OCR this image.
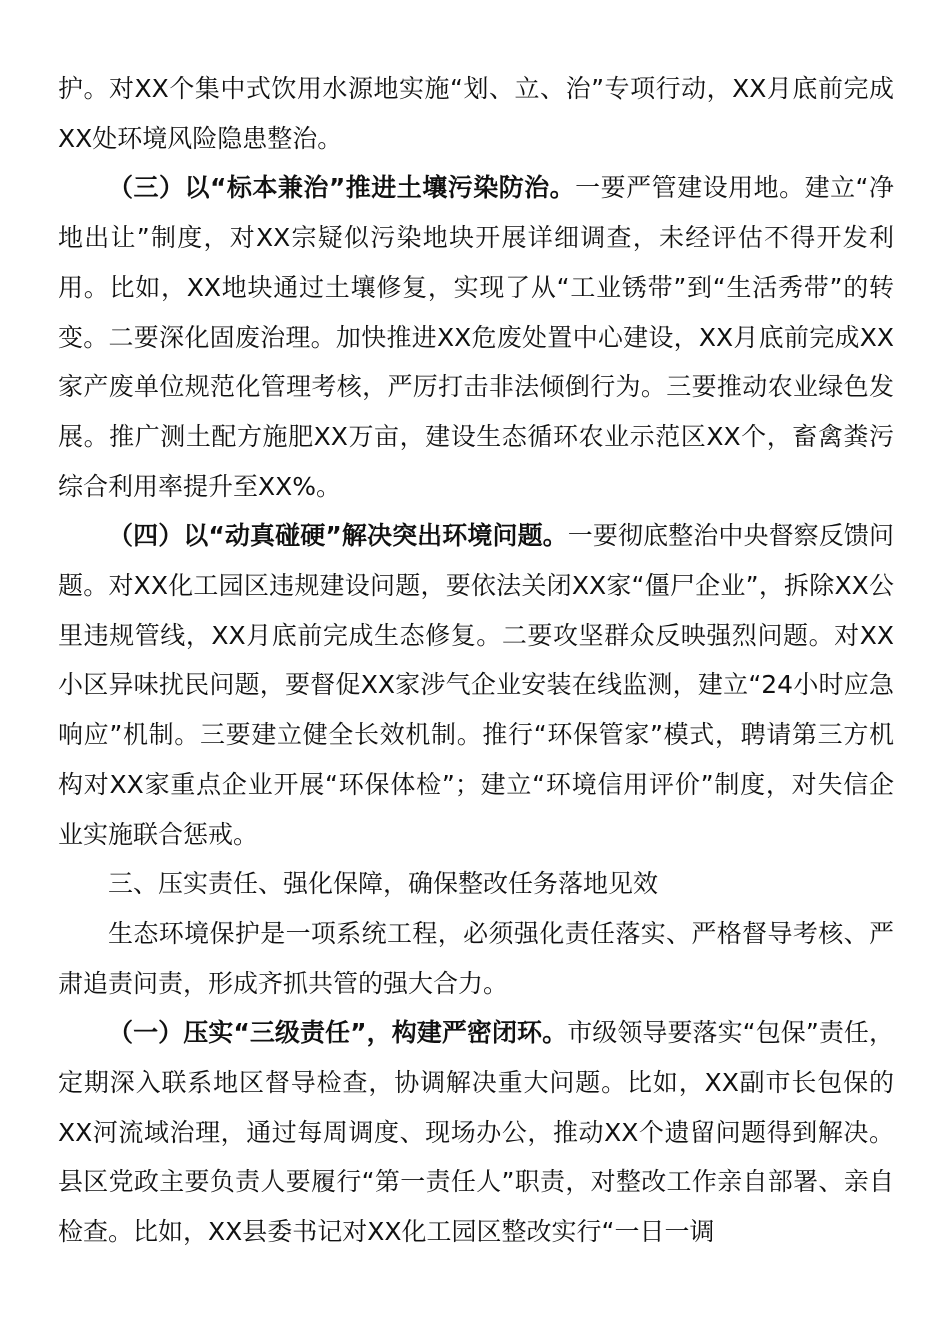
护。对XX个集中式饮用水源地实施“划、立、治”专项行动，XX月底前完成XX处环境风险隐患整治。

（三）以“标本兼治”推进土壤污染防治。一要严管建设用地。建立“净地出让”制度，对XX宗疑似污染地块开展详细调查，未经评估不得开发利用。比如，XX地块通过土壤修复，实现了从“工业锈带”到“生活秀带”的转变。二要深化固废治理。加快推进XX危废处置中心建设，XX月底前完成XX家产废单位规范化管理考核，严厉打击非法倾倒行为。三要推动农业绿色发展。推广测土配方施肥XX万亩，建设生态循环农业示范区XX个，畜禽粪污综合利用率提升至XX%。

（四）以“动真碰硬”解决突出环境问题。一要彻底整治中央督察反馈问题。对XX化工园区违规建设问题，要依法关闭XX家“僵尸企业”，拆除XX公里违规管线，XX月底前完成生态修复。二要攻坚群众反映强烈问题。对XX小区异味扰民问题，要督促XX家涉气企业安装在线监测，建立“24小时应急响应”机制。三要建立健全长效机制。推行“环保管家”模式，聘请第三方机构对XX家重点企业开展“环保体检”；建立“环境信用评价”制度，对失信企业实施联合惩戒。

三、压实责任、强化保障，确保整改任务落地见效

生态环境保护是一项系统工程，必须强化责任落实、严格督导考核、严肃追责问责，形成齐抓共管的强大合力。

（一）压实“三级责任”，构建严密闭环。市级领导要落实“包保”责任，定期深入联系地区督导检查，协调解决重大问题。比如，XX副市长包保的XX河流域治理，通过每周调度、现场办公，推动XX个遗留问题得到解决。县区党政主要负责人要履行“第一责任人”职责，对整改工作亲自部署、亲自检查。比如，XX县委书记对XX化工园区整改实行“一日一调
